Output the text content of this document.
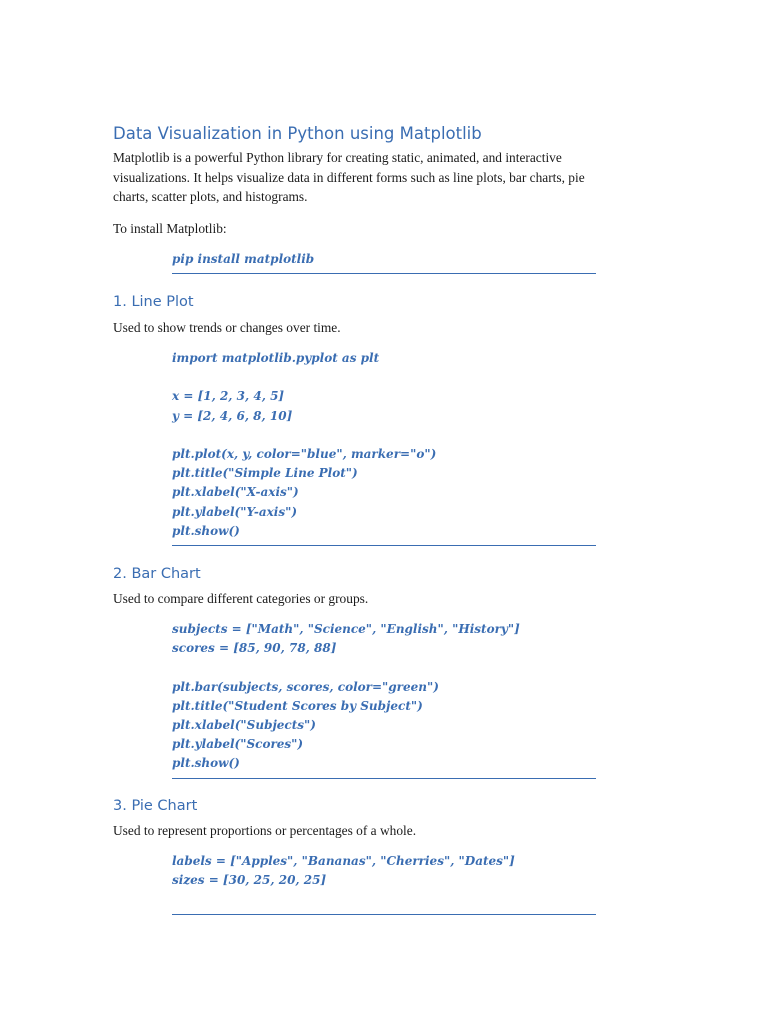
Data Visualization in Python using Matplotlib

Matplotlib is a powerful Python library for creating static, animated, and interactive
visualizations. It helps visualize data in different forms such as line plots, bar charts, pie
charts, scatter plots, and histograms.

To install Matplotlib:

pip install matplotlib
1. Line Plot

Used to show trends or changes over time.

import matplotlib.pyplot as plt
x = [1, 2, 3, 4, 5]
y = [2, 4, 6, 8, 10]
plt.plot(x, y, color="blue", marker="o")
plt.title("Simple Line Plot")
plt.xlabel("X-axis")
plt.ylabel("Y-axis")
plt.show()
2. Bar Chart

Used to compare different categories or groups.

subjects = ["Math", "Science", "English", "History"]
scores = [85, 90, 78, 88]
plt.bar(subjects, scores, color="green")
plt.title("Student Scores by Subject")
plt.xlabel("Subjects")
plt.ylabel("Scores")
plt.show()
3. Pie Chart

Used to represent proportions or percentages of a whole.

labels = ["Apples", "Bananas", "Cherries", "Dates"]
sizes = [30, 25, 20, 25]
